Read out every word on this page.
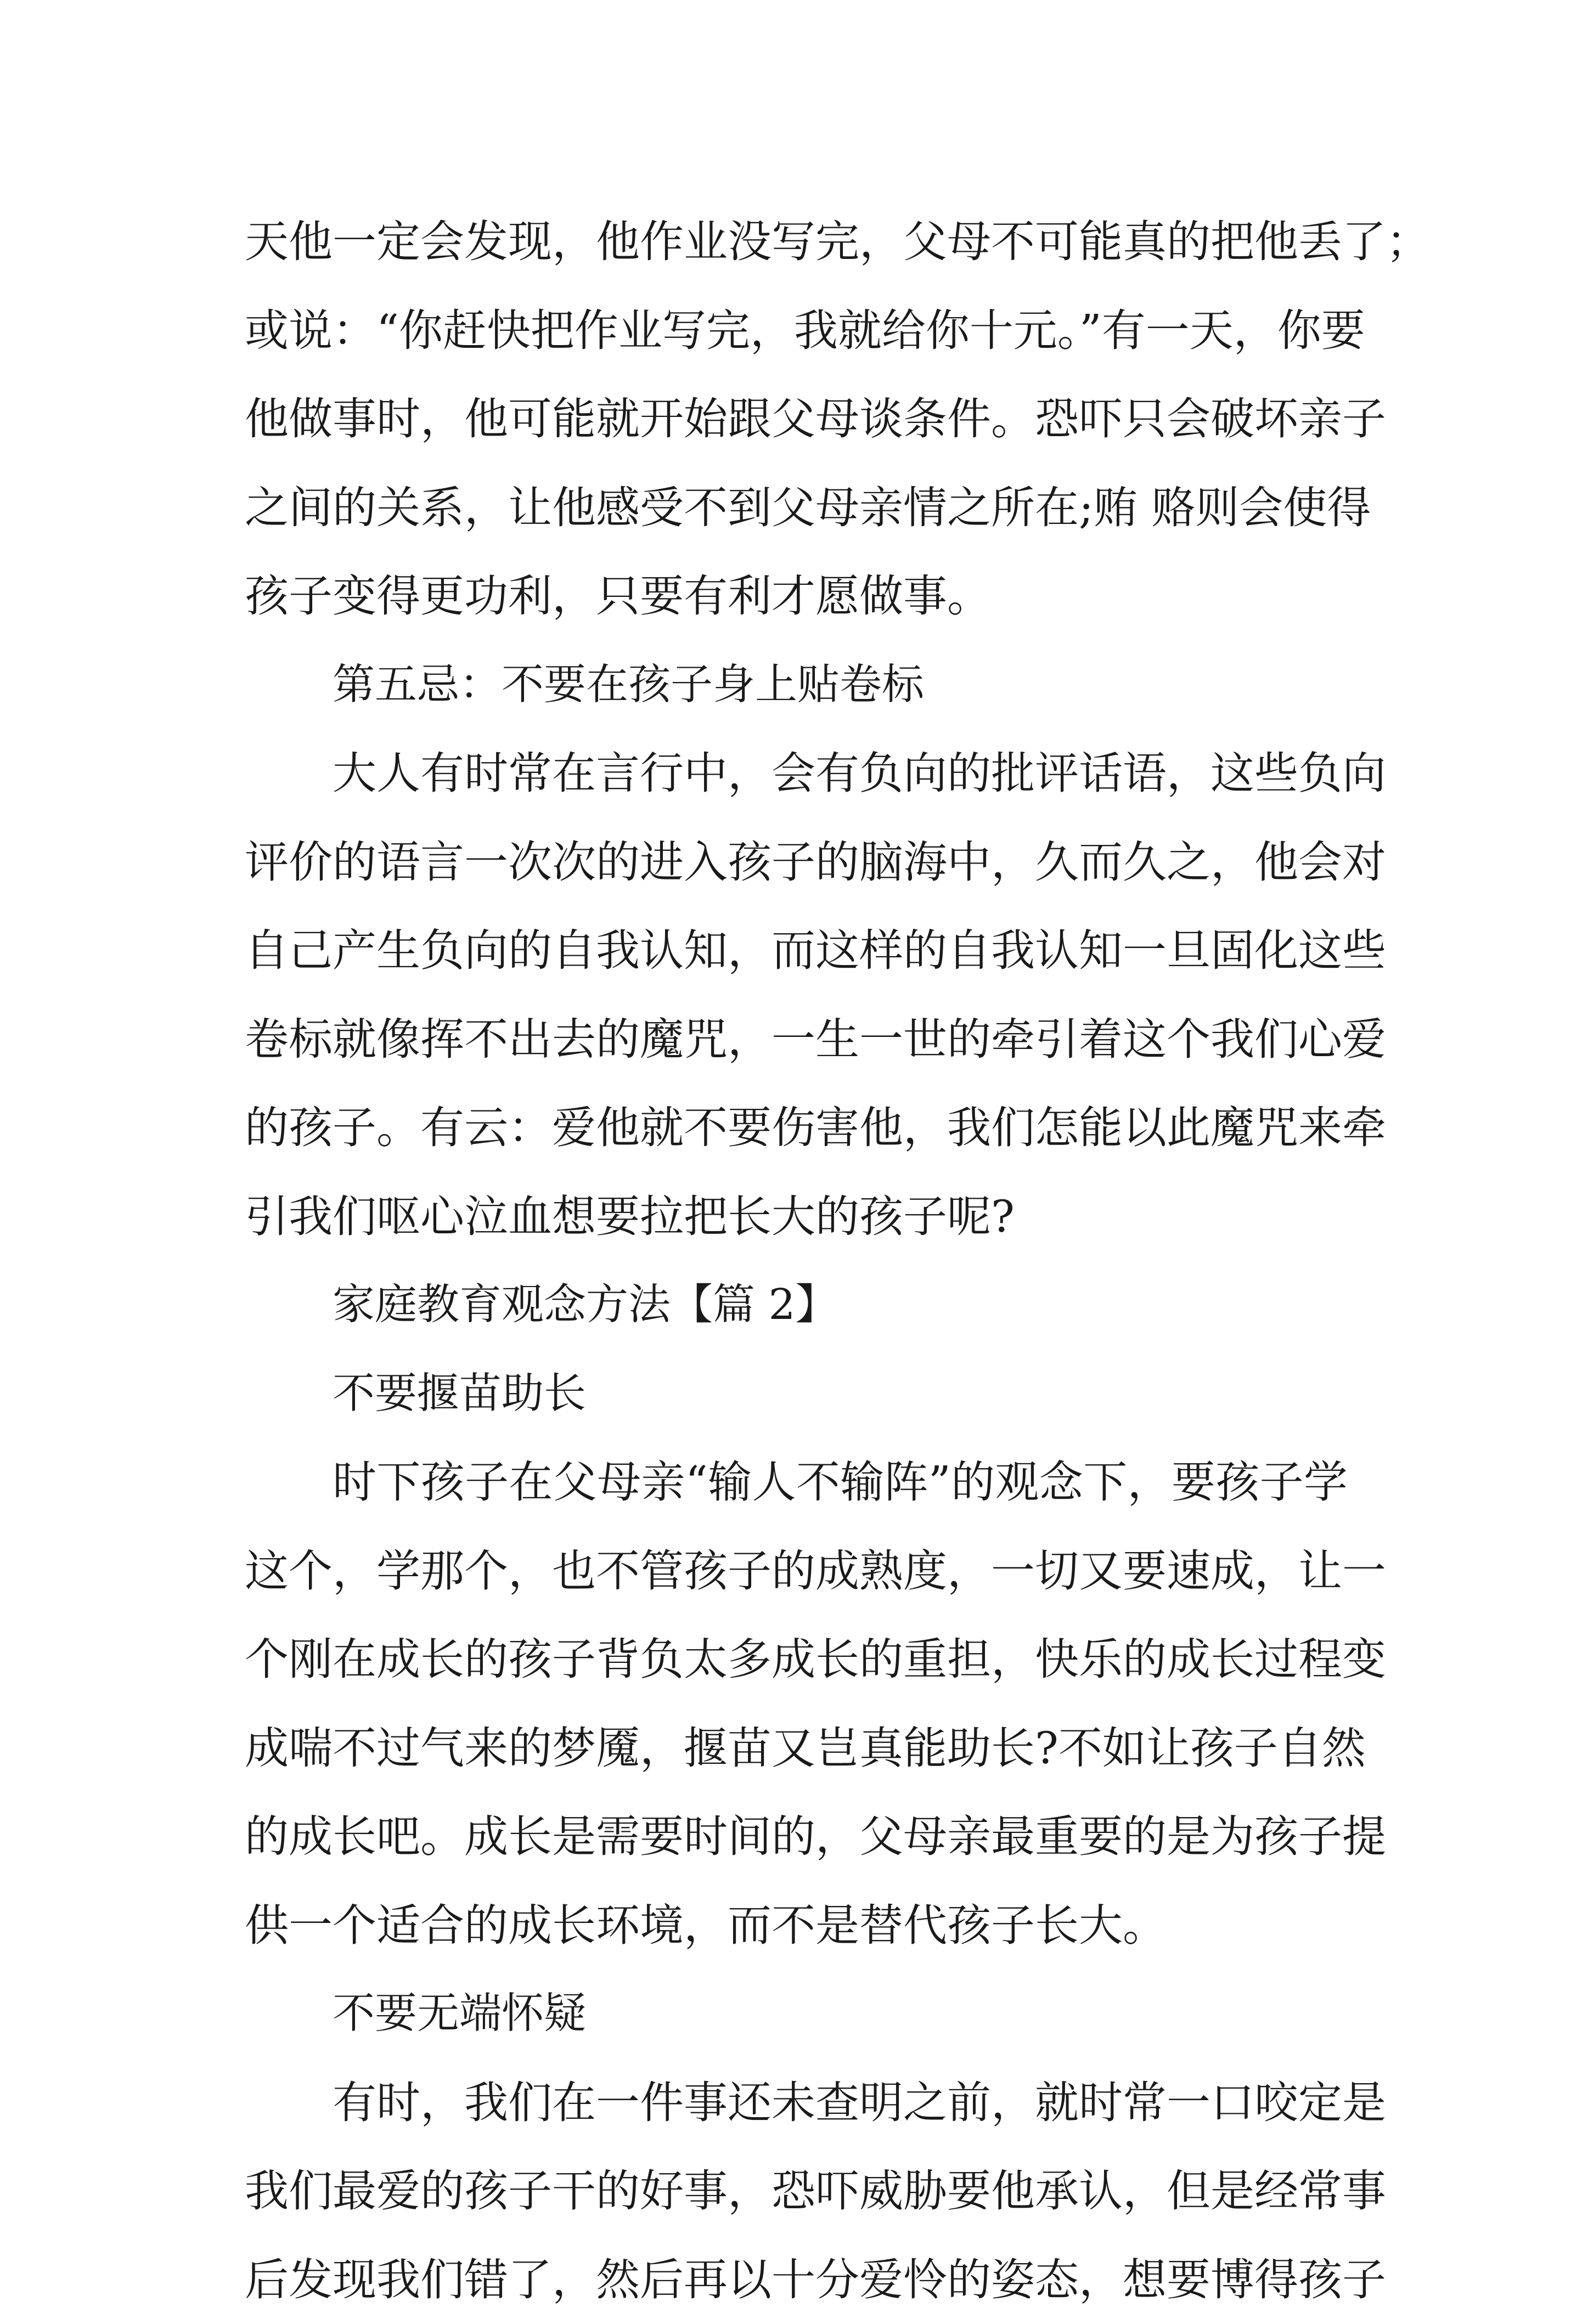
天他一定会发现，他作业没写完，父母不可能真的把他丢了；
或说：“你赶快把作业写完，我就给你十元。”有一天，你要
他做事时，他可能就开始跟父母谈条件。恐吓只会破坏亲子
之间的关系，让他感受不到父母亲情之所在;贿 赂则会使得
孩子变得更功利，只要有利才愿做事。
第五忌：不要在孩子身上贴卷标
大人有时常在言行中，会有负向的批评话语，这些负向
评价的语言一次次的进入孩子的脑海中，久而久之，他会对
自己产生负向的自我认知，而这样的自我认知一旦固化这些
卷标就像挥不出去的魔咒，一生一世的牵引着这个我们心爱
的孩子。有云：爱他就不要伤害他，我们怎能以此魔咒来牵
引我们呕心泣血想要拉把长大的孩子呢?
家庭教育观念方法【篇 2】
不要揠苗助长
时下孩子在父母亲“输人不输阵”的观念下，要孩子学
这个，学那个，也不管孩子的成熟度，一切又要速成，让一
个刚在成长的孩子背负太多成长的重担，快乐的成长过程变
成喘不过气来的梦魇，揠苗又岂真能助长?不如让孩子自然
的成长吧。成长是需要时间的，父母亲最重要的是为孩子提
供一个适合的成长环境，而不是替代孩子长大。
不要无端怀疑
有时，我们在一件事还未查明之前，就时常一口咬定是
我们最爱的孩子干的好事，恐吓威胁要他承认，但是经常事
后发现我们错了，然后再以十分爱怜的姿态，想要博得孩子
